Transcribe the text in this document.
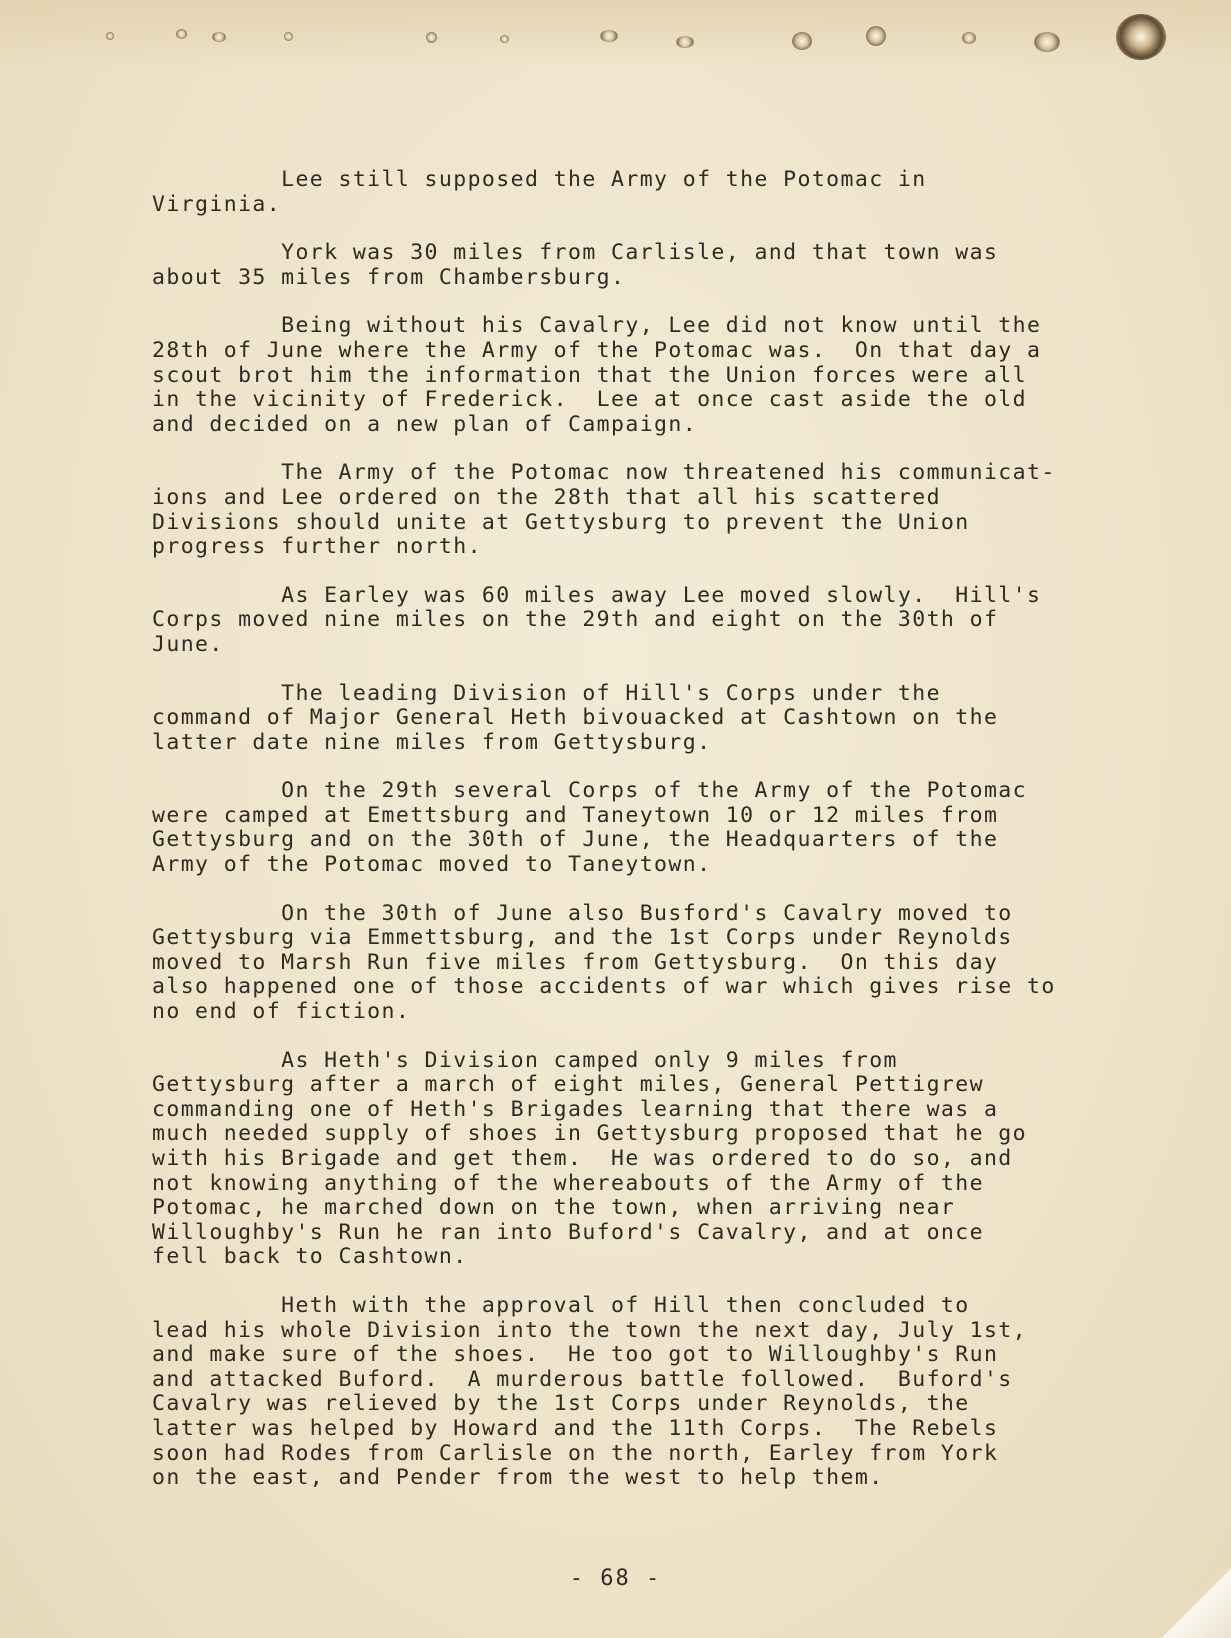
Lee still supposed the Army of the Potomac in
Virginia.
York was 30 miles from Carlisle, and that town was
about 35 miles from Chambersburg.
Being without his Cavalry, Lee did not know until the
28th of June where the Army of the Potomac was.  On that day a
scout brot him the information that the Union forces were all
in the vicinity of Frederick.  Lee at once cast aside the old
and decided on a new plan of Campaign.
The Army of the Potomac now threatened his communicat-
ions and Lee ordered on the 28th that all his scattered
Divisions should unite at Gettysburg to prevent the Union
progress further north.
As Earley was 60 miles away Lee moved slowly.  Hill's
Corps moved nine miles on the 29th and eight on the 30th of
June.
The leading Division of Hill's Corps under the
command of Major General Heth bivouacked at Cashtown on the
latter date nine miles from Gettysburg.
On the 29th several Corps of the Army of the Potomac
were camped at Emettsburg and Taneytown 10 or 12 miles from
Gettysburg and on the 30th of June, the Headquarters of the
Army of the Potomac moved to Taneytown.
On the 30th of June also Busford's Cavalry moved to
Gettysburg via Emmettsburg, and the 1st Corps under Reynolds
moved to Marsh Run five miles from Gettysburg.  On this day
also happened one of those accidents of war which gives rise to
no end of fiction.
As Heth's Division camped only 9 miles from
Gettysburg after a march of eight miles, General Pettigrew
commanding one of Heth's Brigades learning that there was a
much needed supply of shoes in Gettysburg proposed that he go
with his Brigade and get them.  He was ordered to do so, and
not knowing anything of the whereabouts of the Army of the
Potomac, he marched down on the town, when arriving near
Willoughby's Run he ran into Buford's Cavalry, and at once
fell back to Cashtown.
Heth with the approval of Hill then concluded to
lead his whole Division into the town the next day, July 1st,
and make sure of the shoes.  He too got to Willoughby's Run
and attacked Buford.  A murderous battle followed.  Buford's
Cavalry was relieved by the 1st Corps under Reynolds, the
latter was helped by Howard and the 11th Corps.  The Rebels
soon had Rodes from Carlisle on the north, Earley from York
on the east, and Pender from the west to help them.
- 68 -
